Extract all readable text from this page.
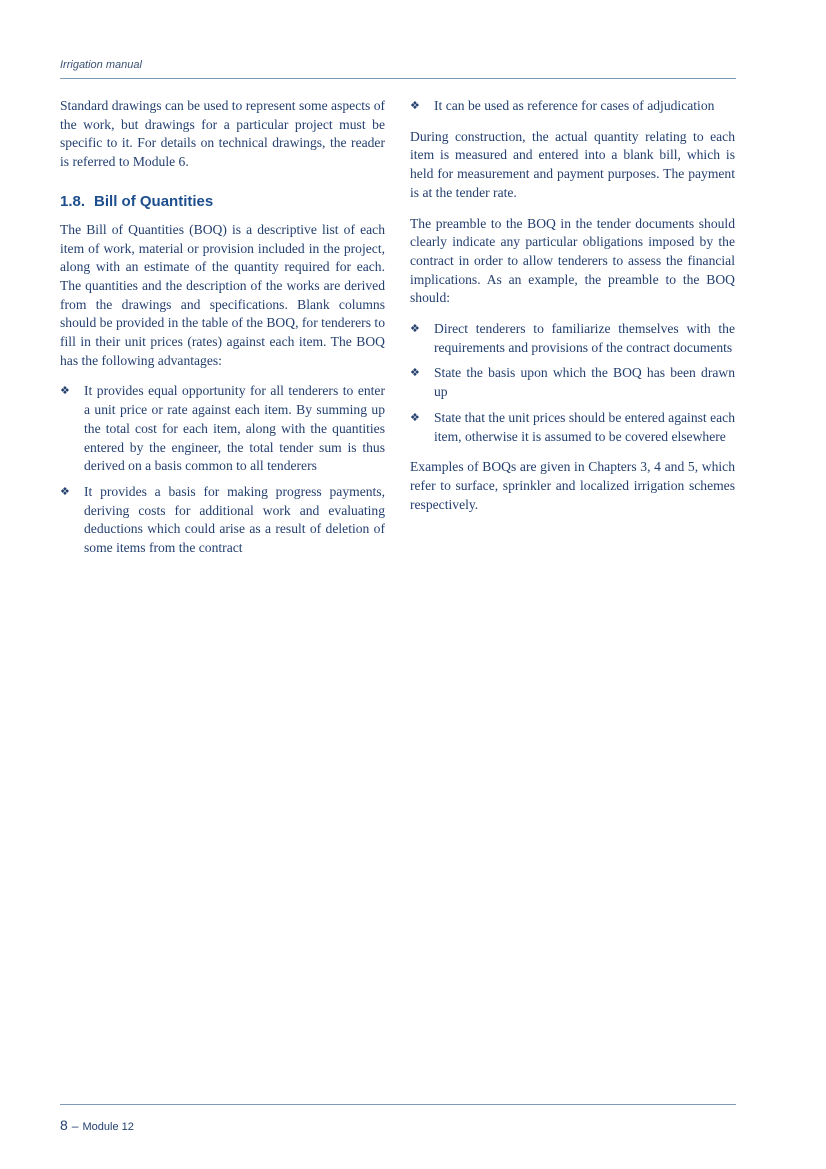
Irrigation manual

Standard drawings can be used to represent some aspects of the work, but drawings for a particular project must be specific to it. For details on technical drawings, the reader is referred to Module 6.

1.8. Bill of Quantities

The Bill of Quantities (BOQ) is a descriptive list of each item of work, material or provision included in the project, along with an estimate of the quantity required for each. The quantities and the description of the works are derived from the drawings and specifications. Blank columns should be provided in the table of the BOQ, for tenderers to fill in their unit prices (rates) against each item. The BOQ has the following advantages:

❖ It provides equal opportunity for all tenderers to enter a unit price or rate against each item. By summing up the total cost for each item, along with the quantities entered by the engineer, the total tender sum is thus derived on a basis common to all tenderers
❖ It provides a basis for making progress payments, deriving costs for additional work and evaluating deductions which could arise as a result of deletion of some items from the contract
❖ It can be used as reference for cases of adjudication

During construction, the actual quantity relating to each item is measured and entered into a blank bill, which is held for measurement and payment purposes. The payment is at the tender rate.

The preamble to the BOQ in the tender documents should clearly indicate any particular obligations imposed by the contract in order to allow tenderers to assess the financial implications. As an example, the preamble to the BOQ should:

❖ Direct tenderers to familiarize themselves with the requirements and provisions of the contract documents
❖ State the basis upon which the BOQ has been drawn up
❖ State that the unit prices should be entered against each item, otherwise it is assumed to be covered elsewhere

Examples of BOQs are given in Chapters 3, 4 and 5, which refer to surface, sprinkler and localized irrigation schemes respectively.

8 – Module 12
